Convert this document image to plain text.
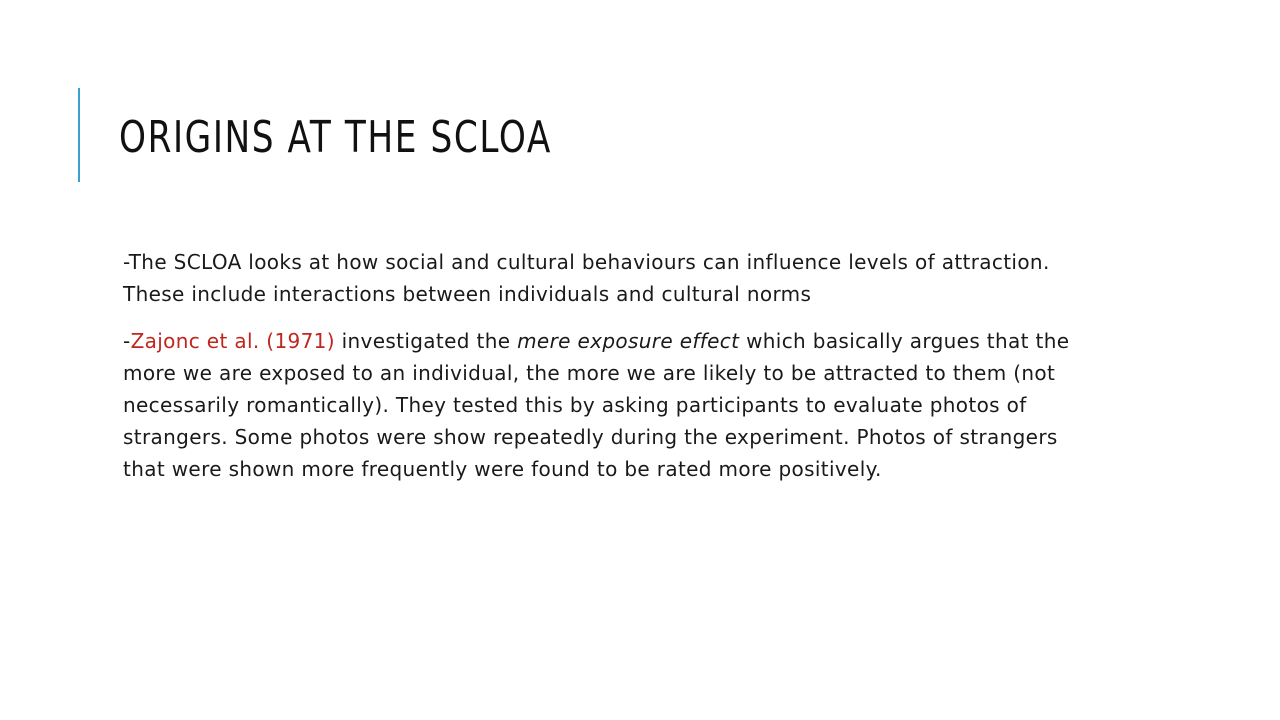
ORIGINS AT THE SCLOA

-The SCLOA looks at how social and cultural behaviours can influence levels of attraction. These include interactions between individuals and cultural norms

-Zajonc et al. (1971) investigated the mere exposure effect which basically argues that the more we are exposed to an individual, the more we are likely to be attracted to them (not necessarily romantically). They tested this by asking participants to evaluate photos of strangers. Some photos were show repeatedly during the experiment. Photos of strangers that were shown more frequently were found to be rated more positively.
